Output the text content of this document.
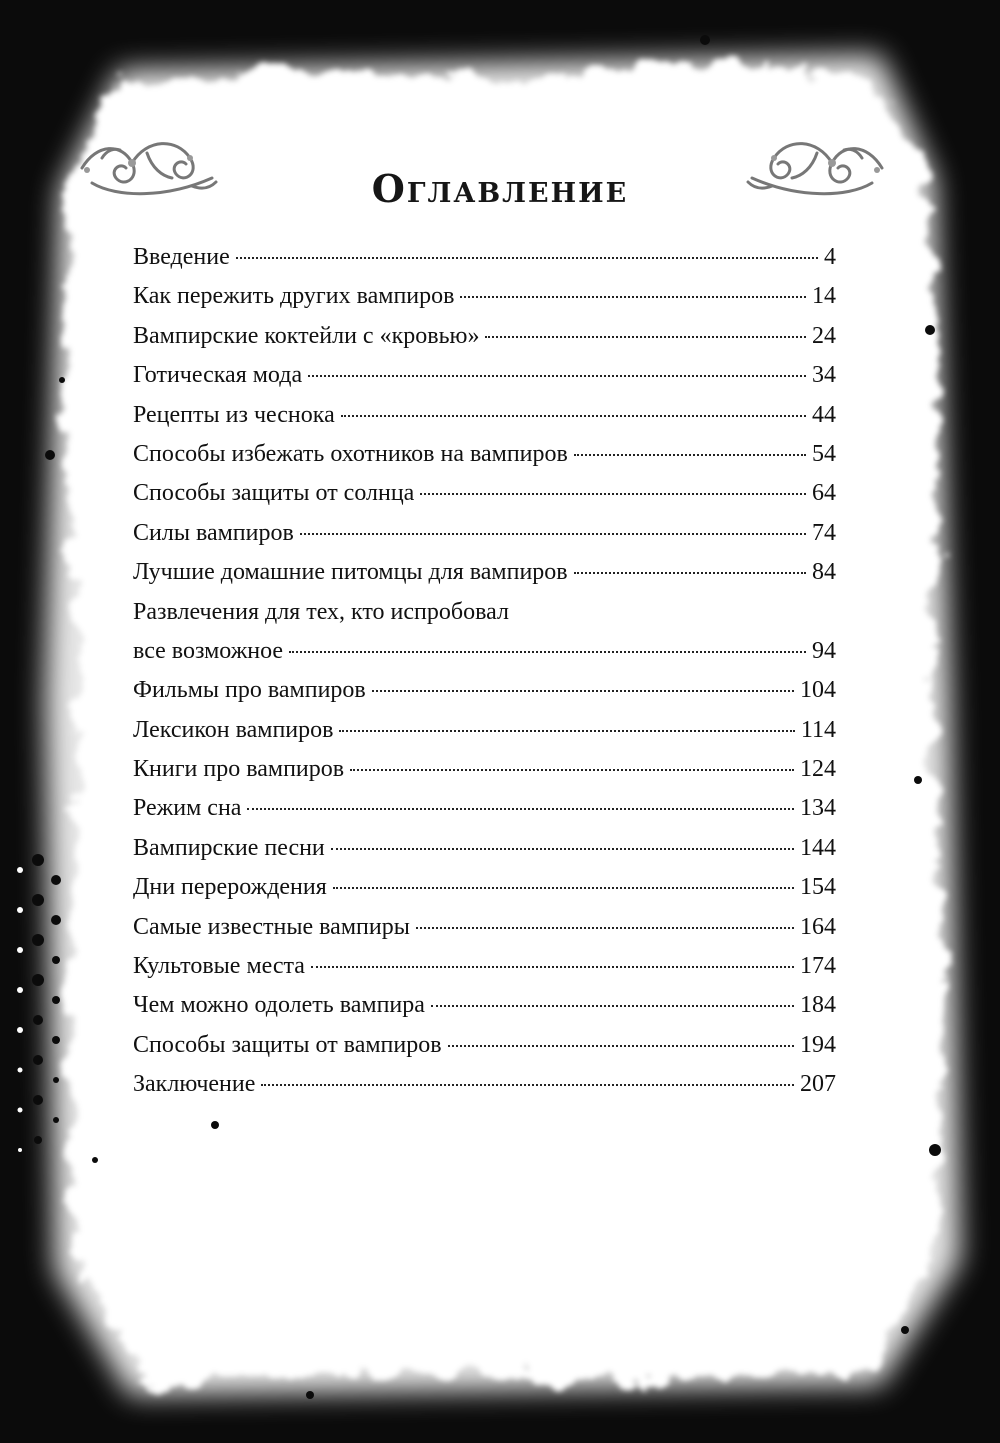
Оглавление
Введение	4
Как пережить других вампиров	14
Вампирские коктейли с «кровью»	24
Готическая мода	34
Рецепты из чеснока	44
Способы избежать охотников на вампиров	54
Способы защиты от солнца	64
Силы вампиров	74
Лучшие домашние питомцы для вампиров	84
Развлечения для тех, кто испробовал
все возможное	94
Фильмы про вампиров	104
Лексикон вампиров	114
Книги про вампиров	124
Режим сна	134
Вампирские песни	144
Дни перерождения	154
Самые известные вампиры	164
Культовые места	174
Чем можно одолеть вампира	184
Способы защиты от вампиров	194
Заключение	207
